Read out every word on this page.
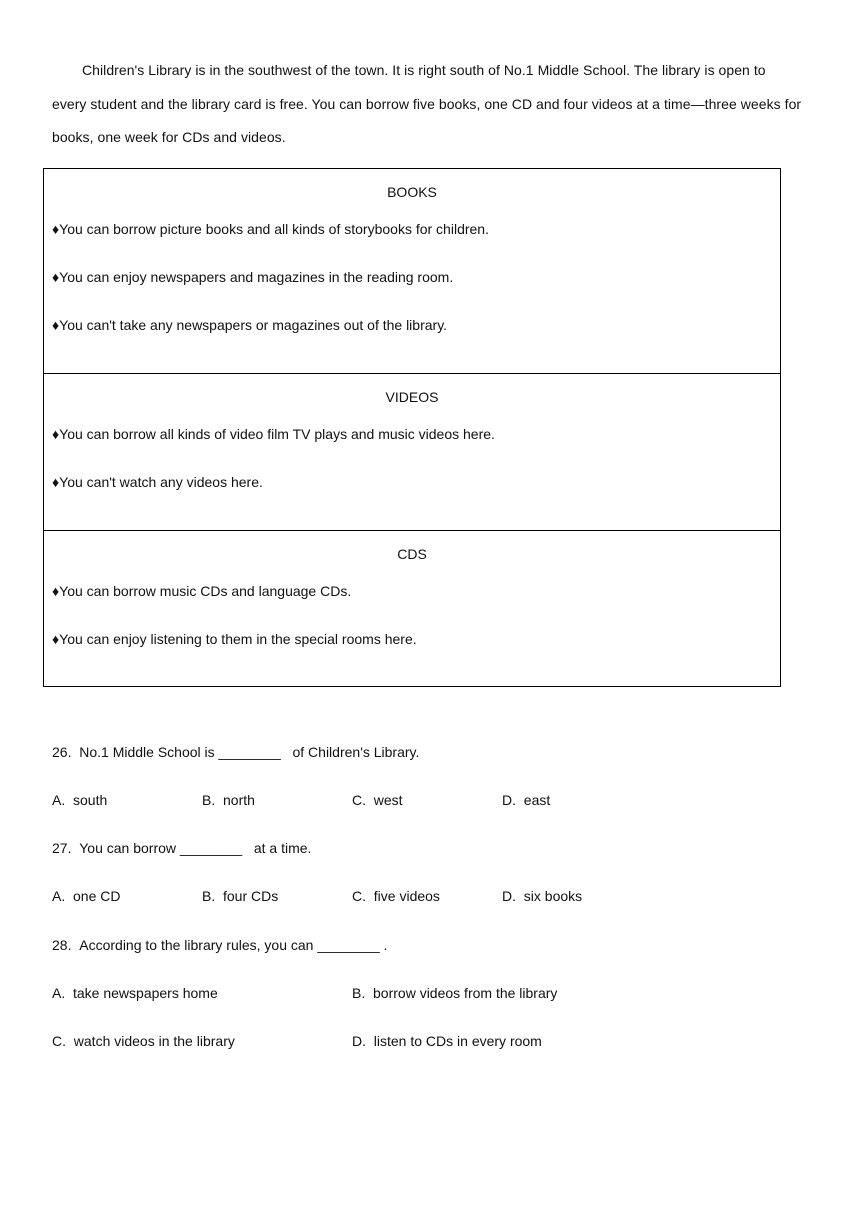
Children's Library is in the southwest of the town. It is right south of No.1 Middle School. The library is open to every student and the library card is free. You can borrow five books, one CD and four videos at a time—three weeks for books, one week for CDs and videos.

BOOKS
♦You can borrow picture books and all kinds of storybooks for children.
♦You can enjoy newspapers and magazines in the reading room.
♦You can't take any newspapers or magazines out of the library.
VIDEOS
♦You can borrow all kinds of video film TV plays and music videos here.
♦You can't watch any videos here.
CDS
♦You can borrow music CDs and language CDs.
♦You can enjoy listening to them in the special rooms here.
26.  No.1 Middle School is ________   of Children's Library.
A.  south	B.  north	C.  west	D.  east
27.  You can borrow ________   at a time.
A.  one CD	B.  four CDs	C.  five videos	D.  six books
28.  According to the library rules, you can ________ .
A.  take newspapers home	B.  borrow videos from the library
C.  watch videos in the library	D.  listen to CDs in every room
